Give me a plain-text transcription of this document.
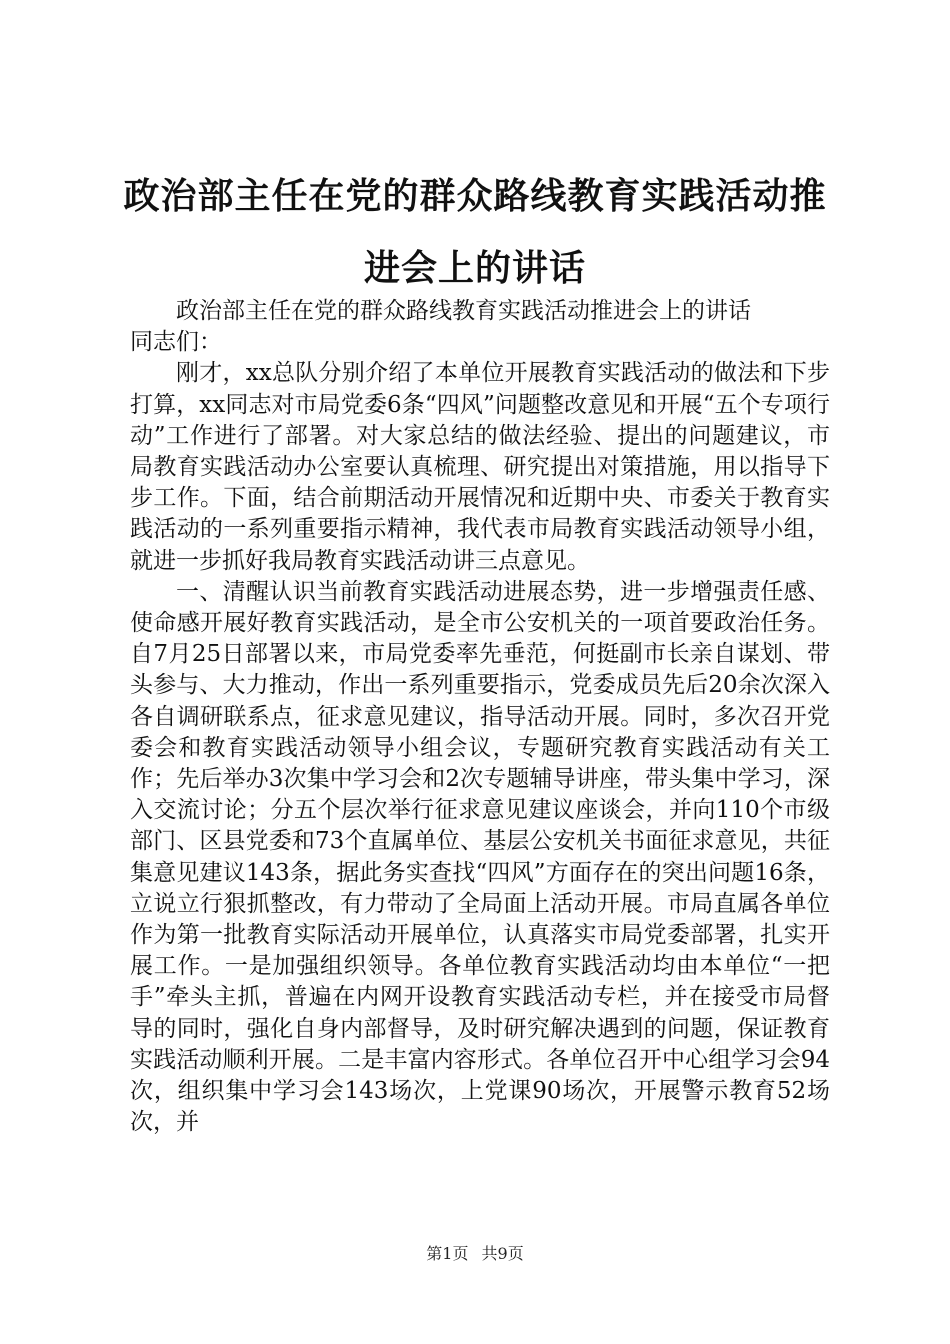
政治部主任在党的群众路线教育实践活动推进会上的讲话

政治部主任在党的群众路线教育实践活动推进会上的讲话

同志们：

刚才，xx总队分别介绍了本单位开展教育实践活动的做法和下步打算，xx同志对市局党委6条“四风”问题整改意见和开展“五个专项行动”工作进行了部署。对大家总结的做法经验、提出的问题建议，市局教育实践活动办公室要认真梳理、研究提出对策措施，用以指导下步工作。下面，结合前期活动开展情况和近期中央、市委关于教育实践活动的一系列重要指示精神，我代表市局教育实践活动领导小组，就进一步抓好我局教育实践活动讲三点意见。

一、清醒认识当前教育实践活动进展态势，进一步增强责任感、使命感开展好教育实践活动，是全市公安机关的一项首要政治任务。自7月25日部署以来，市局党委率先垂范，何挺副市长亲自谋划、带头参与、大力推动，作出一系列重要指示，党委成员先后20余次深入各自调研联系点，征求意见建议，指导活动开展。同时，多次召开党委会和教育实践活动领导小组会议，专题研究教育实践活动有关工作；先后举办3次集中学习会和2次专题辅导讲座，带头集中学习，深入交流讨论；分五个层次举行征求意见建议座谈会，并向110个市级部门、区县党委和73个直属单位、基层公安机关书面征求意见，共征集意见建议143条，据此务实查找“四风”方面存在的突出问题16条，立说立行狠抓整改，有力带动了全局面上活动开展。市局直属各单位作为第一批教育实际活动开展单位，认真落实市局党委部署，扎实开展工作。一是加强组织领导。各单位教育实践活动均由本单位“一把手”牵头主抓，普遍在内网开设教育实践活动专栏，并在接受市局督导的同时，强化自身内部督导，及时研究解决遇到的问题，保证教育实践活动顺利开展。二是丰富内容形式。各单位召开中心组学习会94次，组织集中学习会143场次，上党课90场次，开展警示教育52场次，并

第1页 共9页
